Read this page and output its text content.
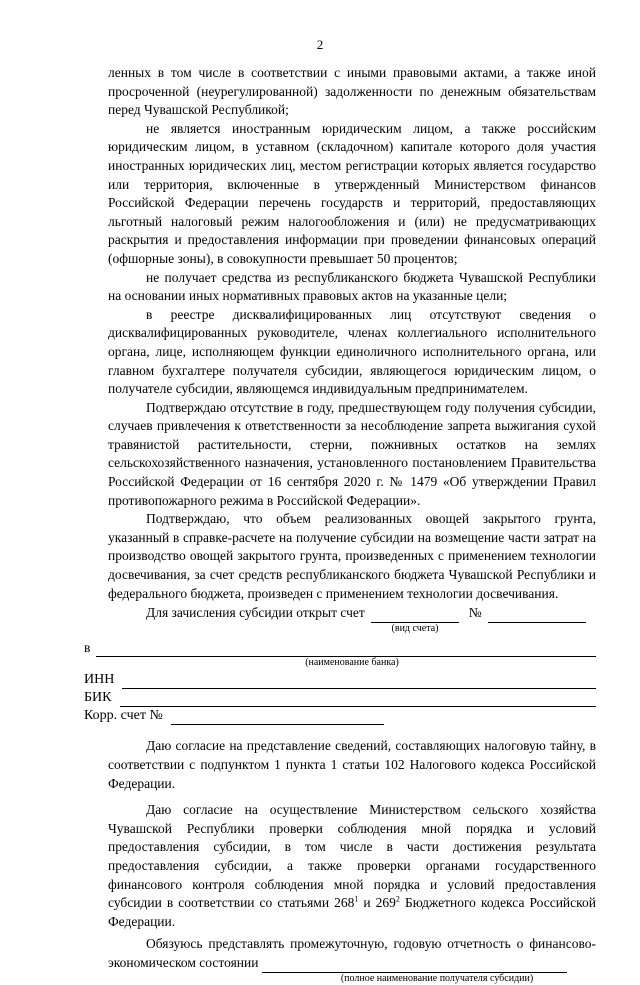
2

ленных в том числе в соответствии с иными правовыми актами, а также иной просроченной (неурегулированной) задолженности по денежным обязательствам перед Чувашской Республикой;

не является иностранным юридическим лицом, а также российским юридическим лицом, в уставном (складочном) капитале которого доля участия иностранных юридических лиц, местом регистрации которых является государство или территория, включенные в утвержденный Министерством финансов Российской Федерации перечень государств и территорий, предоставляющих льготный налоговый режим налогообложения и (или) не предусматривающих раскрытия и предоставления информации при проведении финансовых операций (офшорные зоны), в совокупности превышает 50 процентов;

не получает средства из республиканского бюджета Чувашской Республики на основании иных нормативных правовых актов на указанные цели;

в реестре дисквалифицированных лиц отсутствуют сведения о дисквалифицированных руководителе, членах коллегиального исполнительного органа, лице, исполняющем функции единоличного исполнительного органа, или главном бухгалтере получателя субсидии, являющегося юридическим лицом, о получателе субсидии, являющемся индивидуальным предпринимателем.

Подтверждаю отсутствие в году, предшествующем году получения субсидии, случаев привлечения к ответственности за несоблюдение запрета выжигания сухой травянистой растительности, стерни, пожнивных остатков на землях сельскохозяйственного назначения, установленного постановлением Правительства Российской Федерации от 16 сентября 2020 г. № 1479 «Об утверждении Правил противопожарного режима в Российской Федерации».

Подтверждаю, что объем реализованных овощей закрытого грунта, указанный в справке-расчете на получение субсидии на возмещение части затрат на производство овощей закрытого грунта, произведенных с применением технологии досвечивания, за счет средств республиканского бюджета Чувашской Республики и федерального бюджета, произведен с применением технологии досвечивания.

Для зачисления субсидии открыт счет	№
(вид счета)
в
(наименование банка)
ИНН
БИК
Корр. счет №

Даю согласие на представление сведений, составляющих налоговую тайну, в соответствии с подпунктом 1 пункта 1 статьи 102 Налогового кодекса Российской Федерации.

Даю согласие на осуществление Министерством сельского хозяйства Чувашской Республики проверки соблюдения мной порядка и условий предоставления субсидии, в том числе в части достижения результата предоставления субсидии, а также проверки органами государственного финансового контроля соблюдения мной порядка и условий предоставления субсидии в соответствии со статьями $268^1$ и $269^2$ Бюджетного кодекса Российской Федерации.

Обязуюсь представлять промежуточную, годовую отчетность о финансово-экономическом состоянии

(полное наименование получателя субсидии)
